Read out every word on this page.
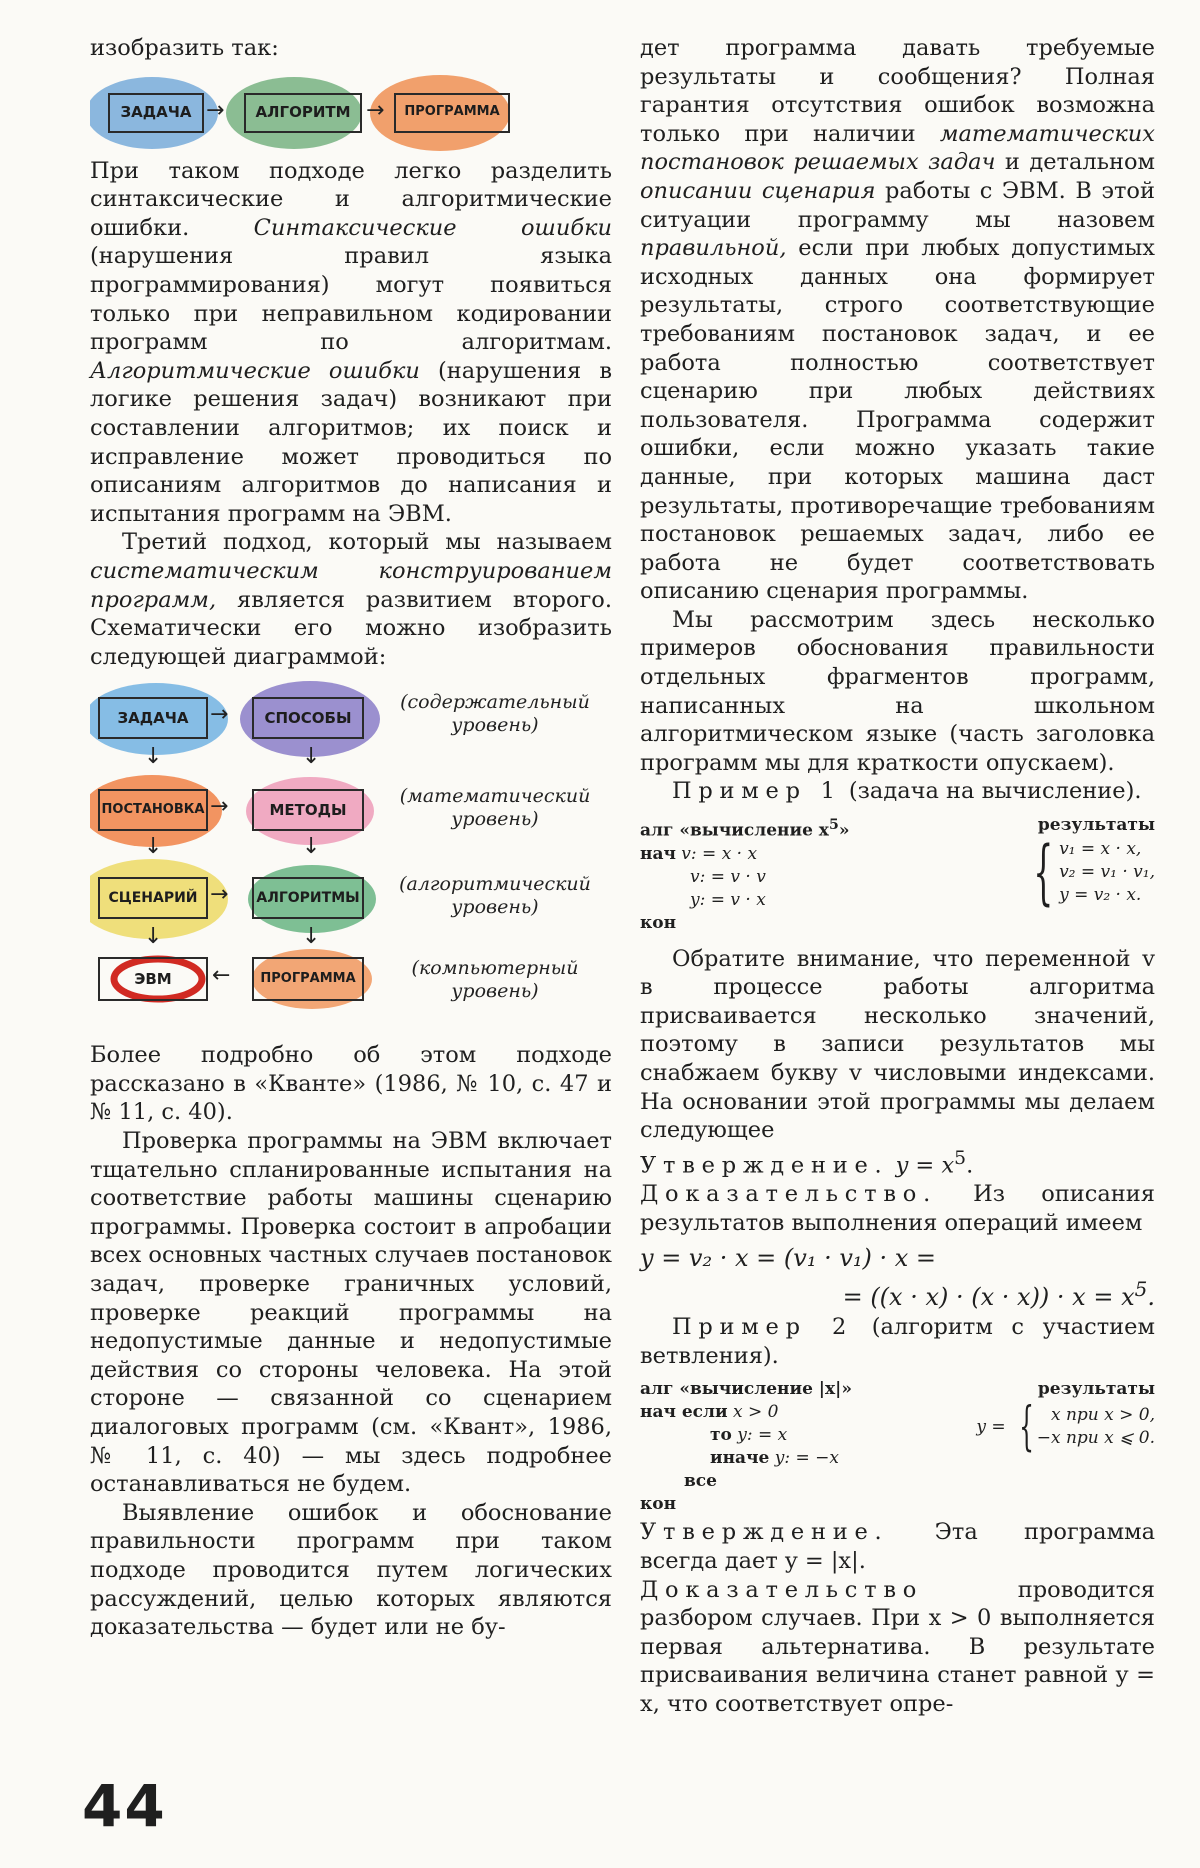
изобразить так:

ЗАДАЧА →	АЛГОРИТМ →	ПРОГРАММА

При таком подходе легко разделить синтаксические и алгоритмические ошибки. Синтаксические ошибки (нарушения правил языка программирования) могут появиться только при неправильном кодировании программ по алгоритмам. Алгоритмические ошибки (нарушения в логике решения задач) возникают при составлении алгоритмов; их поиск и исправление может проводиться по описаниям алгоритмов до написания и испытания программ на ЭВМ.

Третий подход, который мы называем систематическим конструированием программ, является развитием второго. Схематически его можно изобразить следующей диаграммой:

ЗАДАЧА →	СПОСОБЫ
(содержательный уровень)
↓	↓
ПОСТАНОВКА →	МЕТОДЫ
(математический уровень)
↓	↓
СЦЕНАРИЙ →	АЛГОРИТМЫ
(алгоритмический уровень)
↓	↓
ЭВМ	←	ПРОГРАММА	(компьютерный уровень)

Более подробно об этом подходе рассказано в «Кванте» (1986, № 10, с. 47 и № 11, с. 40).

Проверка программы на ЭВМ включает тщательно спланированные испытания на соответствие работы машины сценарию программы. Проверка состоит в апробации всех основных частных случаев постановок задач, проверке граничных условий, проверке реакций программы на недопустимые данные и недопустимые действия со стороны человека. На этой стороне — связанной со сценарием диалоговых программ (см. «Квант», 1986, № 11, с. 40) — мы здесь подробнее останавливаться не будем.

Выявление ошибок и обоснование правильности программ при таком подходе проводится путем логических рассуждений, целью которых являются доказательства — будет или не бу-

дет программа давать требуемые результаты и сообщения? Полная гарантия отсутствия ошибок возможна только при наличии математических постановок решаемых задач и детальном описании сценария работы с ЭВМ. В этой ситуации программу мы назовем правильной, если при любых допустимых исходных данных она формирует результаты, строго соответствующие требованиям постановок задач, и ее работа полностью соответствует сценарию при любых действиях пользователя. Программа содержит ошибки, если можно указать такие данные, при которых машина даст результаты, противоречащие требованиям постановок решаемых задач, либо ее работа не будет соответствовать описанию сценария программы.

Мы рассмотрим здесь несколько примеров обоснования правильности отдельных фрагментов программ, написанных на школьном алгоритмическом языке (часть заголовка программ мы для краткости опускаем).

Пример 1 (задача на вычисление).

алг «вычисление $x^5$»
нач v: = x · x
v: = v · v
y: = v · x
кон
результаты
{ v₁ = x · x,
v₂ = v₁ · v₁,
y = v₂ · x.

Обратите внимание, что переменной v в процессе работы алгоритма присваивается несколько значений, поэтому в записи результатов мы снабжаем букву v числовыми индексами. На основании этой программы мы делаем следующее

Утверждение. $y = x^5$.

Доказательство. Из описания результатов выполнения операций имеем

y = v₂ · x = (v₁ · v₁) · x =
= $((x \cdot x) \cdot (x \cdot x)) \cdot x = x^5$.

Пример 2 (алгоритм с участием ветвления).

алг «вычисление |x|»
нач если x > 0
то y: = x
иначе y: = −x
все
кон
результаты
y = {	x при x > 0,
−x при x ⩽ 0.

Утверждение. Эта программа всегда дает y = |x|.

Доказательство проводится разбором случаев. При x > 0 выполняется первая альтернатива. В результате присваивания величина станет равной y = x, что соответствует опре-

44
